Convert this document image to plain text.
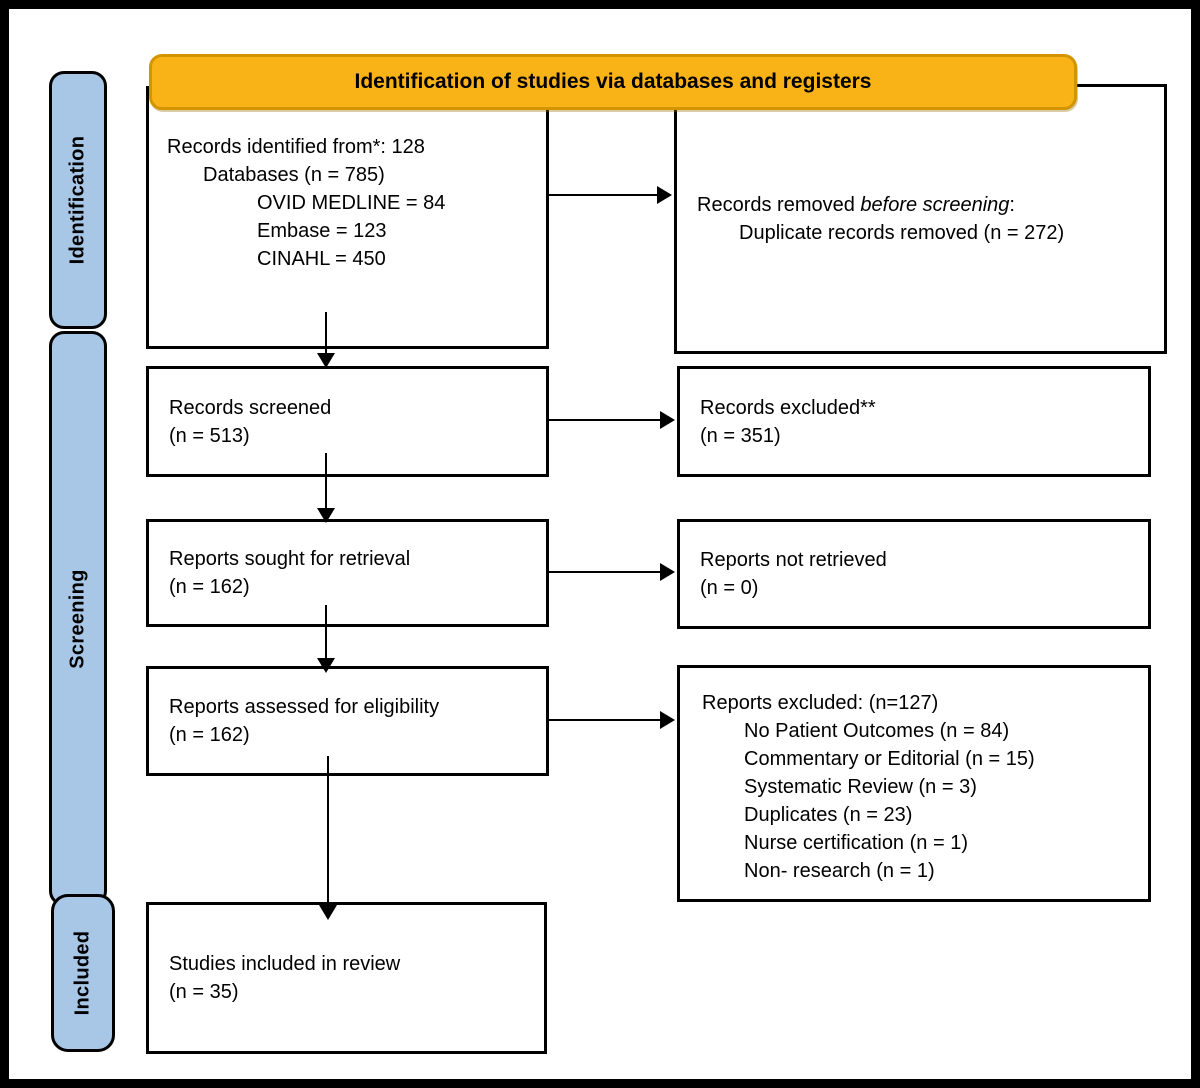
Identification
Screening
Included
Records identified from*: 128
Databases (n = 785)
OVID MEDLINE = 84
Embase = 123
CINAHL = 450
Records removed before screening:
Duplicate records removed (n = 272)
Records screened
(n = 513)
Records excluded**
(n = 351)
Reports sought for retrieval
(n = 162)
Reports not retrieved
(n = 0)
Reports assessed for eligibility
(n = 162)
Reports excluded: (n=127)
No Patient Outcomes (n = 84)
Commentary or Editorial (n = 15)
Systematic Review (n = 3)
Duplicates (n = 23)
Nurse certification (n = 1)
Non- research (n = 1)
Studies included in review
(n = 35)
Identification of studies via databases and registers
